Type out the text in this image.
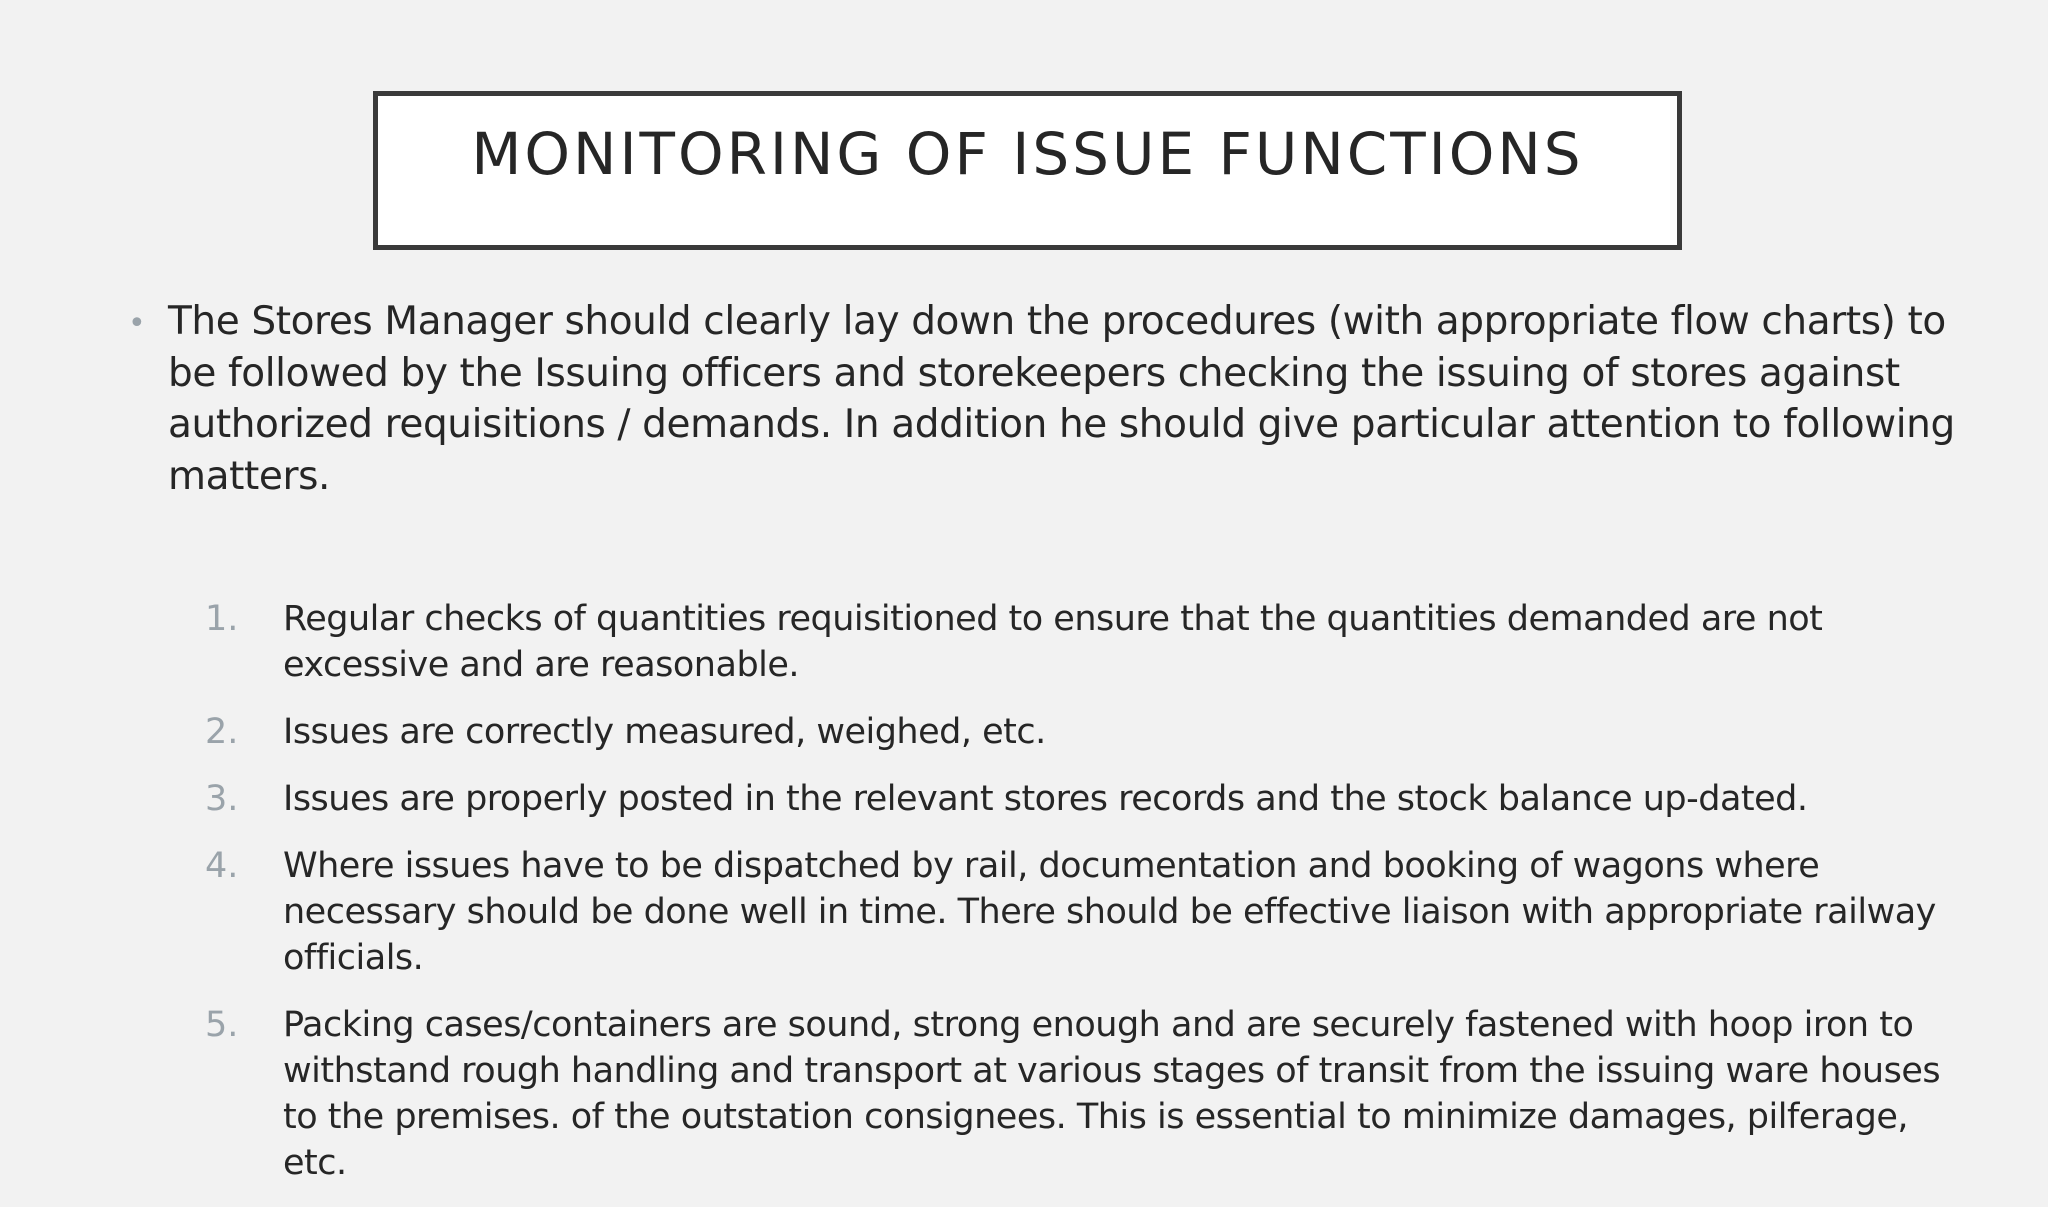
MONITORING OF ISSUE FUNCTIONS
• The Stores Manager should clearly lay down the procedures (with appropriate flow charts) to be followed by the Issuing officers and storekeepers checking the issuing of stores against authorized requisitions / demands. In addition he should give particular attention to following matters.
1.	Regular checks of quantities requisitioned to ensure that the quantities demanded are not excessive and are reasonable.
2.	Issues are correctly measured, weighed, etc.
3.	Issues are properly posted in the relevant stores records and the stock balance up-dated.
4.	Where issues have to be dispatched by rail, documentation and booking of wagons where necessary should be done well in time. There should be effective liaison with appropriate railway officials.
5.	Packing cases/containers are sound, strong enough and are securely fastened with hoop iron to withstand rough handling and transport at various stages of transit from the issuing ware houses to the premises. of the outstation consignees. This is essential to minimize damages, pilferage, etc.
